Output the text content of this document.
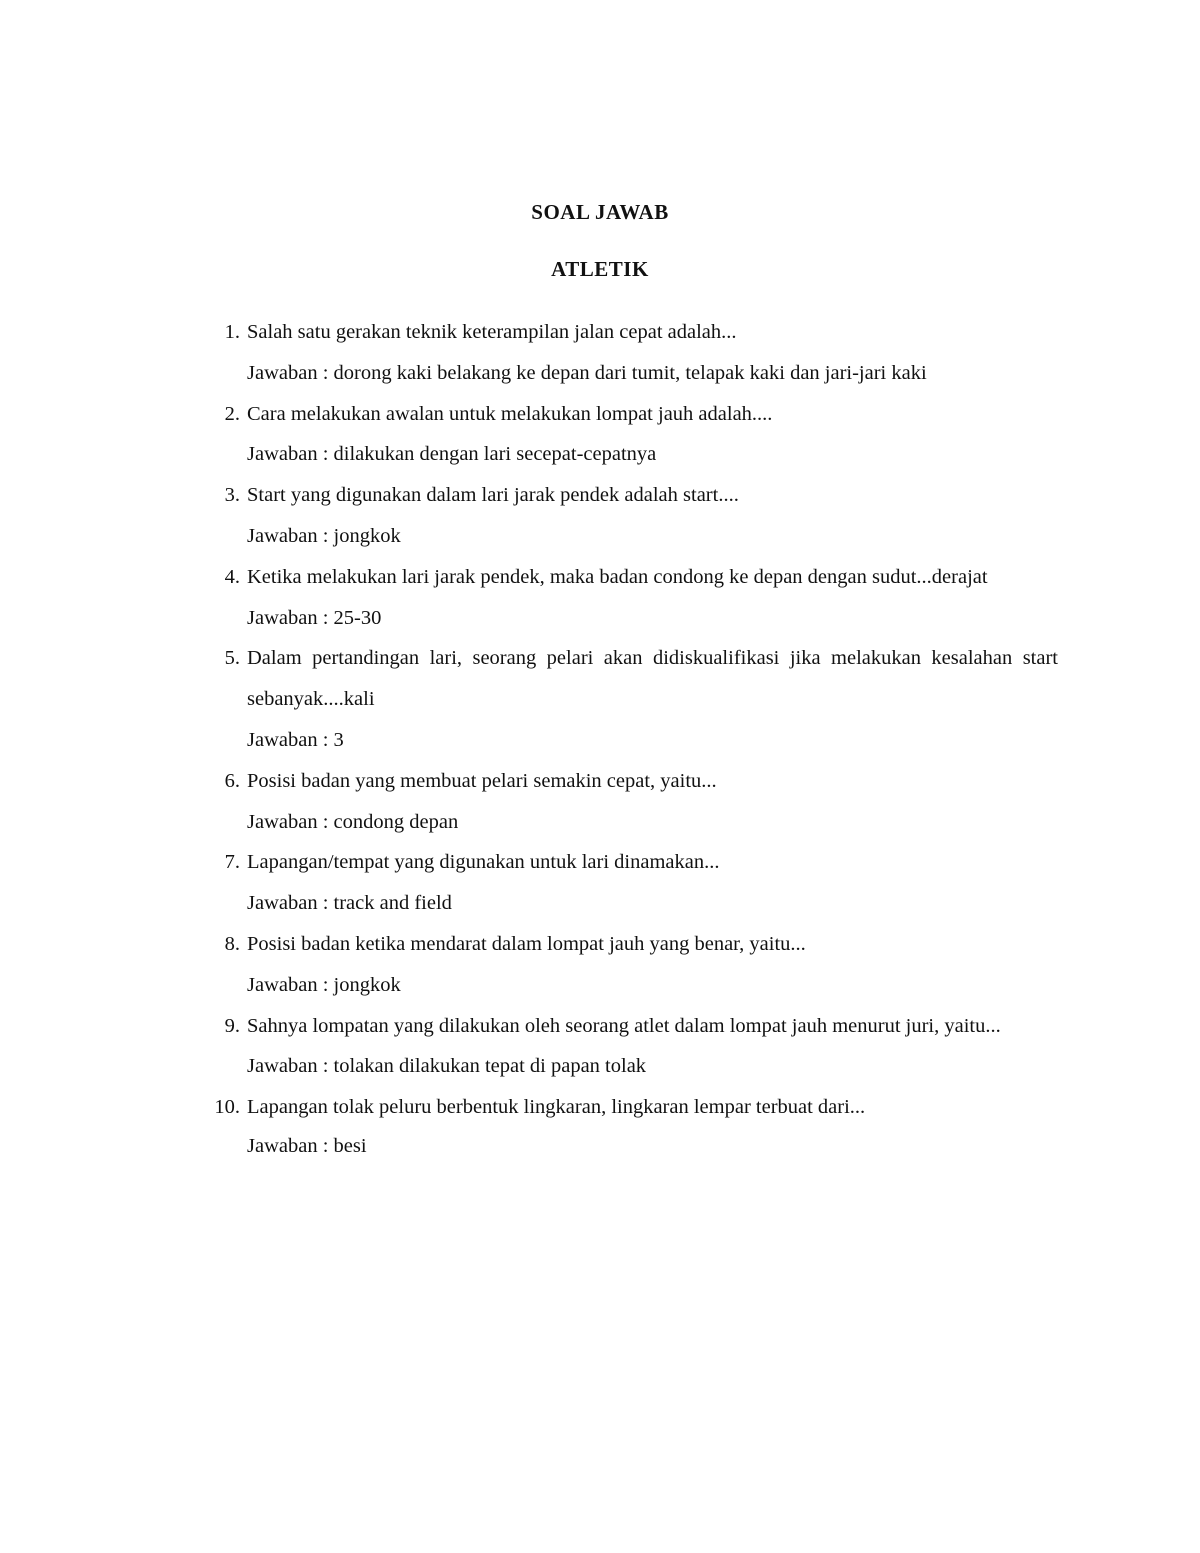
SOAL JAWAB
ATLETIK
1. Salah satu gerakan teknik keterampilan jalan cepat adalah...
Jawaban : dorong kaki belakang ke depan dari tumit, telapak kaki dan jari-jari kaki
2. Cara melakukan awalan untuk melakukan lompat jauh adalah....
Jawaban : dilakukan dengan lari secepat-cepatnya
3. Start yang digunakan dalam lari jarak pendek adalah start....
Jawaban : jongkok
4. Ketika melakukan lari jarak pendek, maka badan condong ke depan dengan sudut...derajat
Jawaban : 25-30
5. Dalam pertandingan lari, seorang pelari akan didiskualifikasi jika melakukan kesalahan start sebanyak....kali
Jawaban : 3
6. Posisi badan yang membuat pelari semakin cepat, yaitu...
Jawaban : condong depan
7. Lapangan/tempat yang digunakan untuk lari dinamakan...
Jawaban : track and field
8. Posisi badan ketika mendarat dalam lompat jauh yang benar, yaitu...
Jawaban : jongkok
9. Sahnya lompatan yang dilakukan oleh seorang atlet dalam lompat jauh menurut juri, yaitu...
Jawaban : tolakan dilakukan tepat di papan tolak
10. Lapangan tolak peluru berbentuk lingkaran, lingkaran lempar terbuat dari...
Jawaban : besi
